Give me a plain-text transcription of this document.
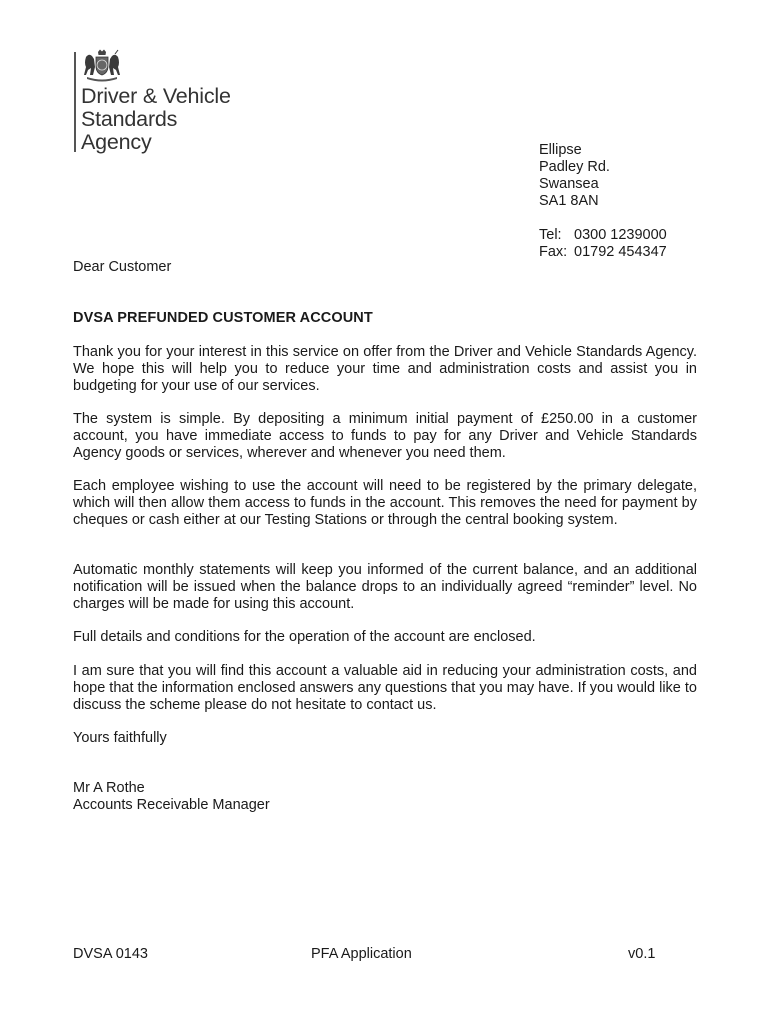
Driver & Vehicle
Standards
Agency	Ellipse
Padley Rd.
Swansea
SA1 8AN
Tel: 0300 1239000
Fax: 01792 454347
Dear Customer
DVSA PREFUNDED CUSTOMER ACCOUNT
Thank you for your interest in this service on offer from the Driver and Vehicle Standards Agency. We hope this will help you to reduce your time and administration costs and assist you in budgeting for your use of our services.
The system is simple. By depositing a minimum initial payment of £250.00 in a customer account, you have immediate access to funds to pay for any Driver and Vehicle Standards Agency goods or services, wherever and whenever you need them.
Each employee wishing to use the account will need to be registered by the primary delegate, which will then allow them access to funds in the account. This removes the need for payment by cheques or cash either at our Testing Stations or through the central booking system.
Automatic monthly statements will keep you informed of the current balance, and an additional notification will be issued when the balance drops to an individually agreed “reminder” level. No charges will be made for using this account.
Full details and conditions for the operation of the account are enclosed.
I am sure that you will find this account a valuable aid in reducing your administration costs, and hope that the information enclosed answers any questions that you may have. If you would like to discuss the scheme please do not hesitate to contact us.
Yours faithfully
Mr A Rothe
Accounts Receivable Manager
DVSA 0143	PFA Application	v0.1
